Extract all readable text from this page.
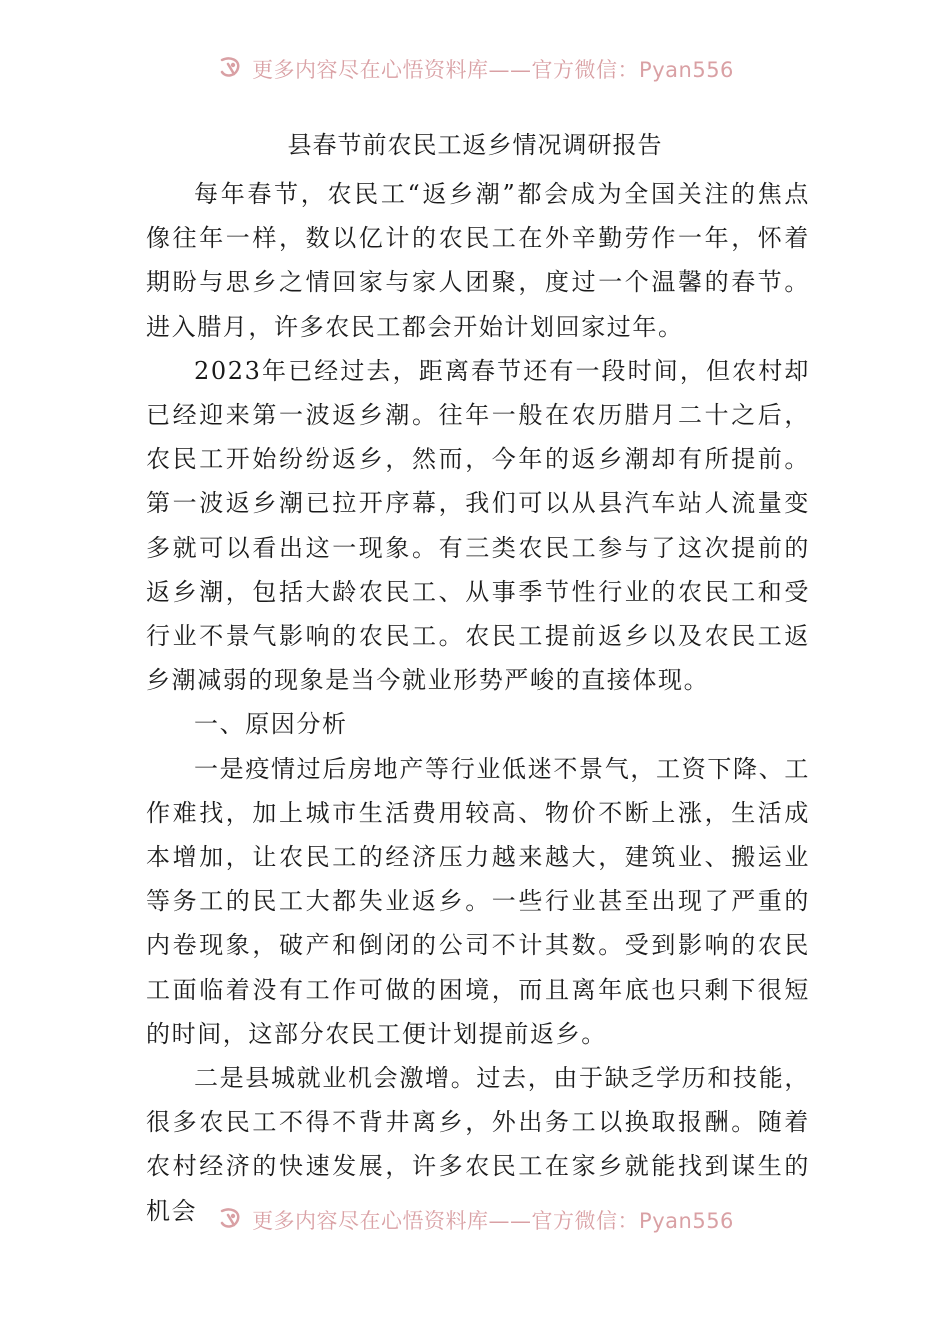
更多内容尽在心悟资料库——官方微信：Pyan556
县春节前农民工返乡情况调研报告

每年春节，农民工“返乡潮”都会成为全国关注的焦点像往年一样，数以亿计的农民工在外辛勤劳作一年，怀着期盼与思乡之情回家与家人团聚，度过一个温馨的春节。进入腊月，许多农民工都会开始计划回家过年。

2023年已经过去，距离春节还有一段时间，但农村却已经迎来第一波返乡潮。往年一般在农历腊月二十之后，农民工开始纷纷返乡，然而，今年的返乡潮却有所提前。第一波返乡潮已拉开序幕，我们可以从县汽车站人流量变多就可以看出这一现象。有三类农民工参与了这次提前的返乡潮，包括大龄农民工、从事季节性行业的农民工和受行业不景气影响的农民工。农民工提前返乡以及农民工返乡潮减弱的现象是当今就业形势严峻的直接体现。

一、原因分析

一是疫情过后房地产等行业低迷不景气，工资下降、工作难找，加上城市生活费用较高、物价不断上涨，生活成本增加，让农民工的经济压力越来越大，建筑业、搬运业等务工的民工大都失业返乡。一些行业甚至出现了严重的内卷现象，破产和倒闭的公司不计其数。受到影响的农民工面临着没有工作可做的困境，而且离年底也只剩下很短的时间，这部分农民工便计划提前返乡。

二是县城就业机会激增。过去，由于缺乏学历和技能，很多农民工不得不背井离乡，外出务工以换取报酬。随着农村经济的快速发展，许多农民工在家乡就能找到谋生的机会	更多内容尽在心悟资料库——官方微信：Pyan556
